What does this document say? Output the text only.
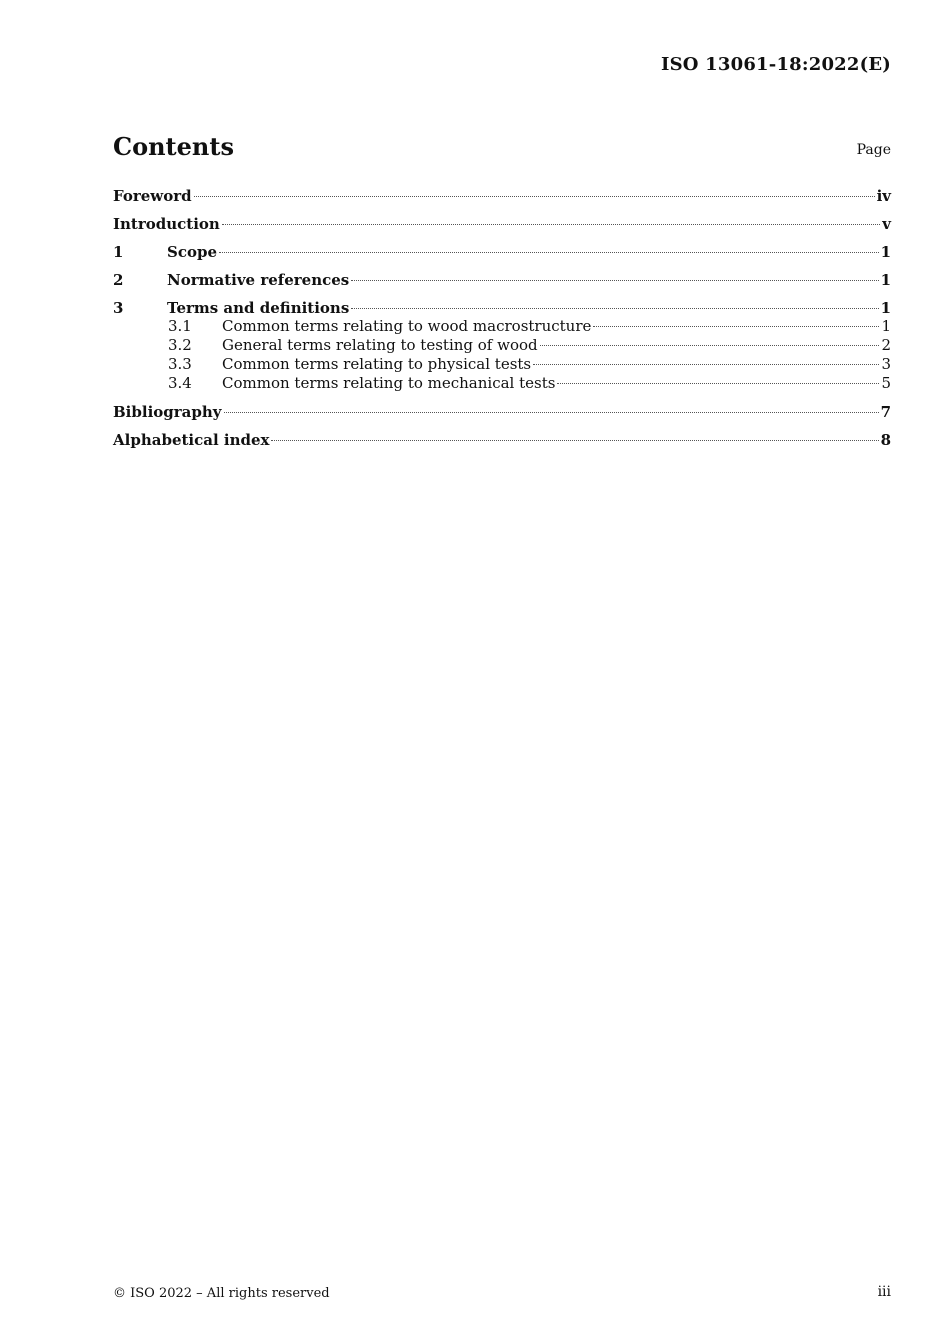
ISO 13061-18:2022(E)
Contents	Page
Foreword	iv
Introduction	v
1	Scope	1
2	Normative references	1
3	Terms and definitions	1
3.1	Common terms relating to wood macrostructure	1
3.2	General terms relating to testing of wood	2
3.3	Common terms relating to physical tests	3
3.4	Common terms relating to mechanical tests	5
Bibliography	7
Alphabetical index	8
© ISO 2022 – All rights reserved	iii
